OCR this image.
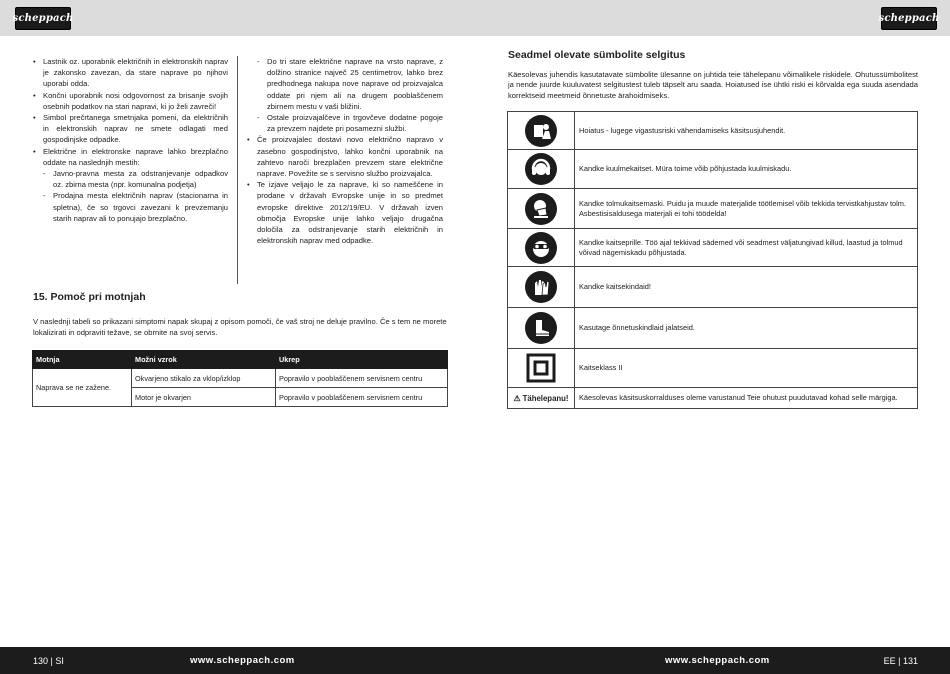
scheppach	scheppach
• Lastnik oz. uporabnik električnih in elektronskih naprav je zakonsko zavezan, da stare naprave po njihovi uporabi odda.
• Končni uporabnik nosi odgovornost za brisanje svojih osebnih podatkov na stari napravi, ki jo želi zavreči!
• Simbol prečrtanega smetnjaka pomeni, da električnih in elektronskih naprav ne smete odlagati med gospodinjske odpadke.
• Električne in elektronske naprave lahko brezplačno oddate na naslednjih mestih:
- Javno-pravna mesta za odstranjevanje odpadkov oz. zbirna mesta (npr. komunalna podjetja)
- Prodajna mesta električnih naprav (stacionarna in spletna), če so trgovci zavezani k prevzemanju starih naprav ali to ponujajo brezplačno.
- Do tri stare električne naprave na vrsto naprave, z dolžino stranice največ 25 centimetrov, lahko brez predhodnega nakupa nove naprave od proizvajalca oddate pri njem ali na drugem pooblaščenem zbirnem mestu v vaši bližini.
- Ostale proizvajalčeve in trgovčeve dodatne pogoje za prevzem najdete pri posamezni službi.
• Če proizvajalec dostavi novo električno napravo v zasebno gospodinjstvo, lahko končni uporabnik na zahtevo naroči brezplačen prevzem stare električne naprave. Povežite se s servisno službo proizvajalca.
• Te izjave veljajo le za naprave, ki so nameščene in prodane v državah Evropske unije in so predmet evropske direktive 2012/19/EU. V državah izven območja Evropske unije lahko veljajo drugačna določila za odstranjevanje starih električnih in elektronskih naprav med odpadke.
15. Pomoč pri motnjah
V naslednji tabeli so prikazani simptomi napak skupaj z opisom pomoči, če vaš stroj ne deluje pravilno. Če s tem ne morete lokalizirati in odpraviti težave, se obrnite na svoj servis.
Motnja	Možni vzrok	Ukrep
Naprava se ne zažene.	Okvarjeno stikalo za vklop/izklop	Popravilo v pooblaščenem servisnem centru
	Motor je okvarjen	Popravilo v pooblaščenem servisnem centru
Seadmel olevate sümbolite selgitus
Käesolevas juhendis kasutatavate sümbolite ülesanne on juhtida teie tähelepanu võimalikele riskidele. Ohutussümbolitest ja nende juurde kuuluvatest selgitustest tuleb täpselt aru saada. Hoiatused ise ühtki riski ei kõrvalda ega suuda asendada korrektseid meetmeid õnnetuste ärahoidmiseks.
	Hoiatus - lugege vigastusriski vähendamiseks käsitsusjuhendit.

	Kandke kuulmekaitset. Müra toime võib põhjustada kuulmiskadu.

	Kandke tolmukaitsemaski. Puidu ja muude materjalide töötlemisel võib tekkida tervistkahjustav tolm. Asbestisisaldusega materjali ei tohi töödelda!

	Kandke kaitseprille. Töö ajal tekkivad sädemed või seadmest väljatungivad killud, laastud ja tolmud võivad nägemiskadu põhjustada.

	Kandke kaitsekindaid!

	Kasutage õnnetuskindlaid jalatseid.
	Kaitseklass II
⚠ Tähelepanu!	Käesolevas käsitsuskorralduses oleme varustanud Teie ohutust puudutavad kohad selle märgiga.
130 | SI	www.scheppach.com	www.scheppach.com	EE | 131
